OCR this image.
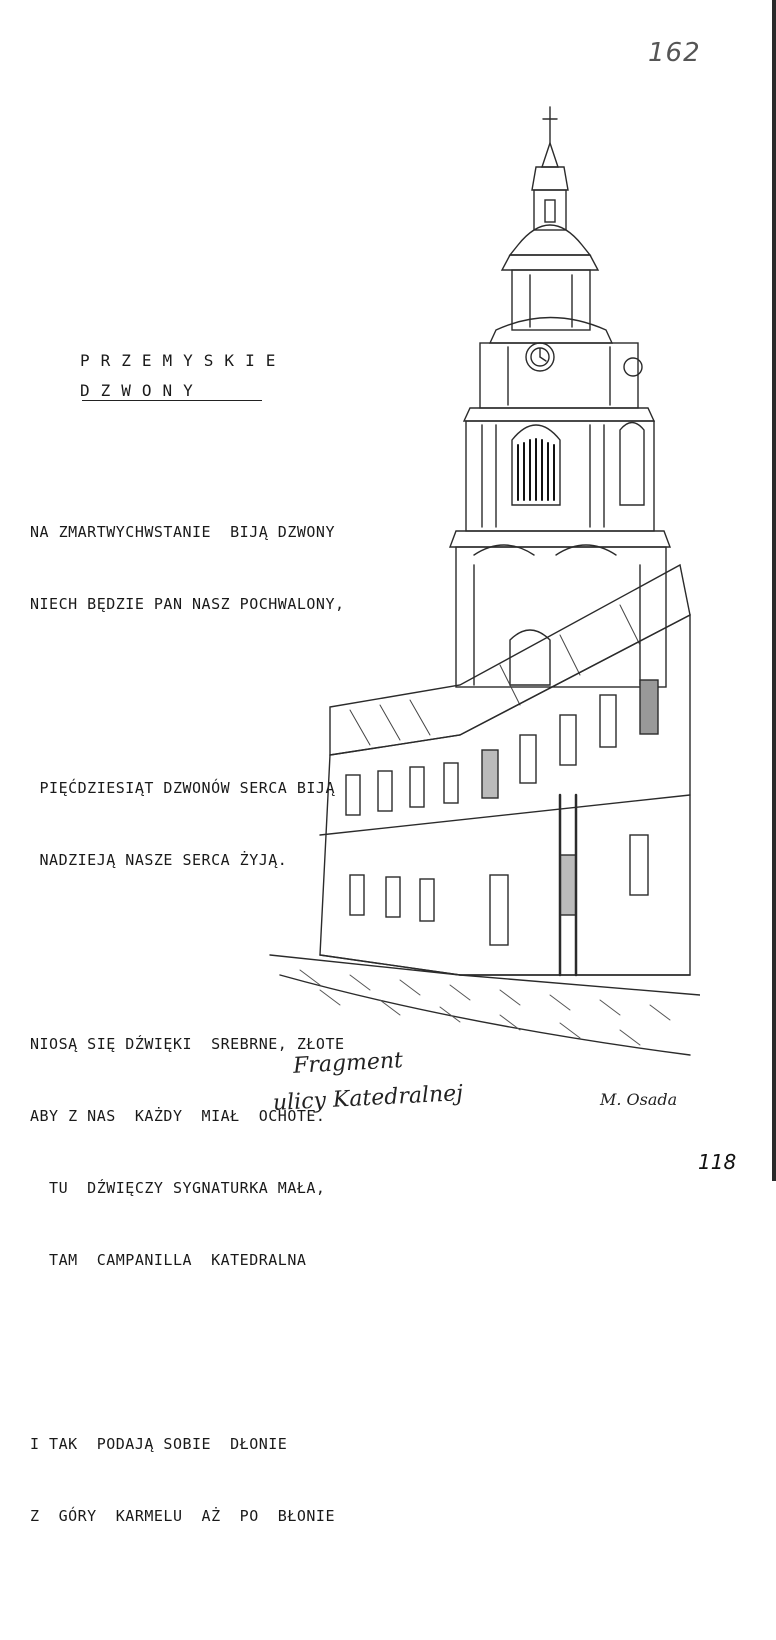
162
PRZEMYSKIE
DZWONY

NA ZMARTWYCHWSTANIE  BIJĄ DZWONY

NIECH BĘDZIE PAN NASZ POCHWALONY,

PIĘĆDZIESIĄT DZWONÓW SERCA BIJĄ

NADZIEJĄ NASZE SERCA ŻYJĄ.

NIOSĄ SIĘ DŹWIĘKI  SREBRNE, ZŁOTE

ABY Z NAS  KAŻDY  MIAŁ  OCHOTE.

TU  DŹWIĘCZY SYGNATURKA MAŁA,

TAM  CAMPANILLA  KATEDRALNA

I TAK  PODAJĄ SOBIE  DŁONIE

Z  GÓRY  KARMELU  AŻ  PO  BŁONIE

Fragment
ulicy Katedralnej	M. Osada
118
